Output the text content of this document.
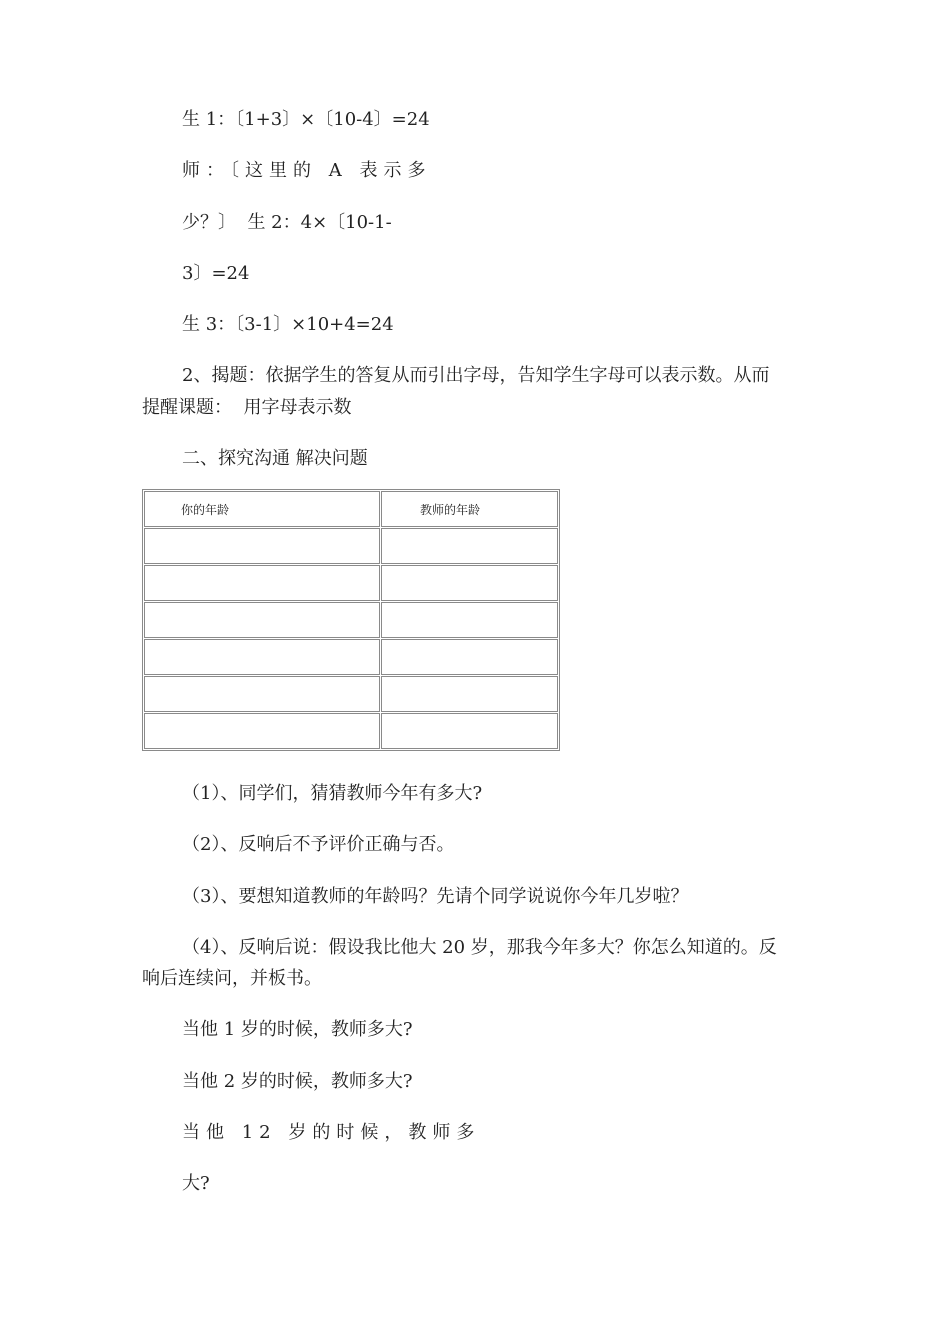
生 1：〔1+3〕×〔10-4〕=24

师：〔这里的 A 表示多

少？〕  生 2：4×〔10-1-

3〕=24

生 3：〔3-1〕×10+4=24

2、揭题：依据学生的答复从而引出字母，告知学生字母可以表示数。从而

提醒课题：  用字母表示数

二、探究沟通 解决问题

你的年龄	教师的年龄

（1）、同学们，猜猜教师今年有多大?

（2）、反响后不予评价正确与否。

（3）、要想知道教师的年龄吗？先请个同学说说你今年几岁啦？

（4）、反响后说：假设我比他大 20 岁，那我今年多大？你怎么知道的。反

响后连续问，并板书。

当他 1 岁的时候，教师多大?

当他 2 岁的时候，教师多大?

当他 12 岁的时候，教师多

大?
